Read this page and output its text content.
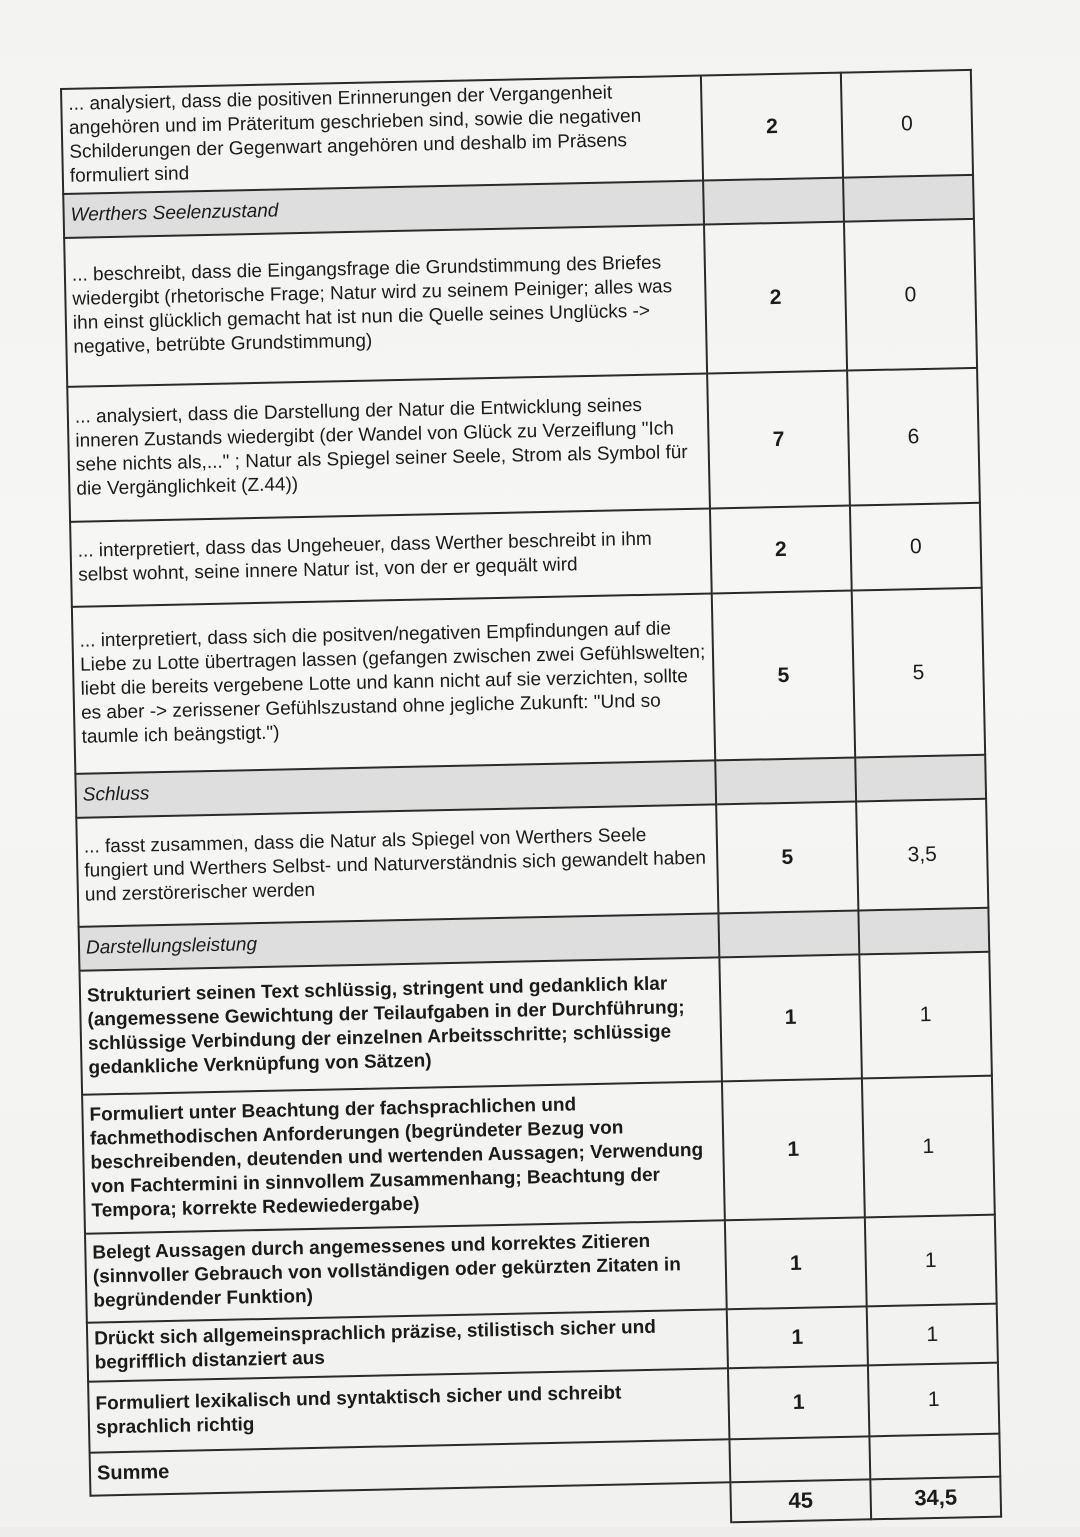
... analysiert, dass die positiven Erinnerungen der Vergangenheit angehören und im Präteritum geschrieben sind, sowie die negativen Schilderungen der Gegenwart angehören und deshalb im Präsens formuliert sind	2	0
Werthers Seelenzustand		
... beschreibt, dass die Eingangsfrage die Grundstimmung des Briefes wiedergibt (rhetorische Frage; Natur wird zu seinem Peiniger; alles was ihn einst glücklich gemacht hat ist nun die Quelle seines Unglücks -> negative, betrübte Grundstimmung)	2	0
... analysiert, dass die Darstellung der Natur die Entwicklung seines inneren Zustands wiedergibt (der Wandel von Glück zu Verzeiflung "Ich sehe nichts als,..." ; Natur als Spiegel seiner Seele, Strom als Symbol für die Vergänglichkeit (Z.44))	7	6
... interpretiert, dass das Ungeheuer, dass Werther beschreibt in ihm selbst wohnt, seine innere Natur ist, von der er gequält wird	2	0
... interpretiert, dass sich die positven/negativen Empfindungen auf die Liebe zu Lotte übertragen lassen (gefangen zwischen zwei Gefühlswelten; liebt die bereits vergebene Lotte und kann nicht auf sie verzichten, sollte es aber -> zerissener Gefühlszustand ohne jegliche Zukunft: "Und so taumle ich beängstigt.")	5	5
Schluss		
... fasst zusammen, dass die Natur als Spiegel von Werthers Seele fungiert und Werthers Selbst- und Naturverständnis sich gewandelt haben und zerstörerischer werden	5	3,5
Darstellungsleistung		
Strukturiert seinen Text schlüssig, stringent und gedanklich klar (angemessene Gewichtung der Teilaufgaben in der Durchführung; schlüssige Verbindung der einzelnen Arbeitsschritte; schlüssige gedankliche Verknüpfung von Sätzen)	1	1
Formuliert unter Beachtung der fachsprachlichen und fachmethodischen Anforderungen (begründeter Bezug von beschreibenden, deutenden und wertenden Aussagen; Verwendung von Fachtermini in sinnvollem Zusammenhang; Beachtung der Tempora; korrekte Redewiedergabe)	1	1
Belegt Aussagen durch angemessenes und korrektes Zitieren (sinnvoller Gebrauch von vollständigen oder gekürzten Zitaten in begründender Funktion)	1	1
Drückt sich allgemeinsprachlich präzise, stilistisch sicher und begrifflich distanziert aus	1	1
Formuliert lexikalisch und syntaktisch sicher und schreibt sprachlich richtig	1	1
Summe		
	45	34,5
